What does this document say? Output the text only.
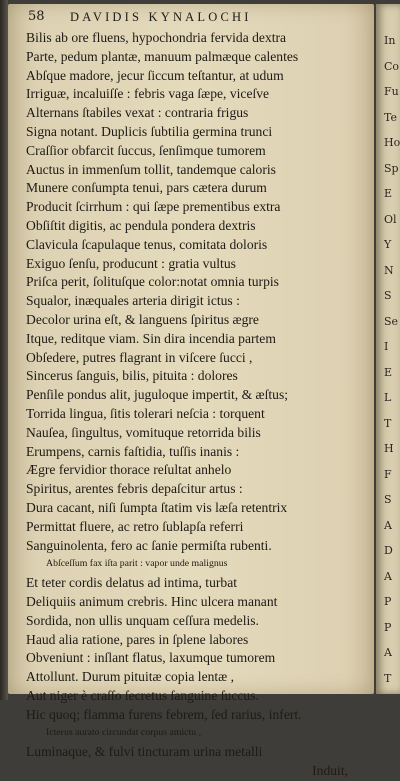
58 DAVIDIS KYNALOCHI
Bilis ab ore fluens, hypochondria fervida dextra
Parte, pedum plantæ, manuum palmæque calentes
Abſque madore, jecur ſiccum teſtantur, at udum
Irriguæ, incaluiſſe : febris vaga ſæpe, viceſve
Alternans ſtabiles vexat : contraria frigus
Signa notant. Duplicis ſubtilia germina trunci
Craſſior obfarcit ſuccus, ſenſimque tumorem
Auctus in immenſum tollit, tandemque caloris
Munere conſumpta tenui, pars cætera durum
Producit ſcirrhum : qui ſæpe prementibus extra
Obſiſtit digitis, ac pendula pondera dextris
Clavicula ſcapulaque tenus, comitata doloris
Exiguo ſenſu, producunt : gratia vultus
Priſca perit, ſolituſque color:notat omnia turpis
Squalor, inæquales arteria dirigit ictus :
Decolor urina eſt, & languens ſpiritus ægre
Itque, reditque viam. Sin dira incendia partem
Obſedere, putres flagrant in viſcere ſucci ,
Sincerus ſanguis, bilis, pituita : dolores
Penſile pondus alit, juguloque impertit, & æſtus;
Torrida lingua, ſitis tolerari neſcia : torquent
Nauſea, ſingultus, vomituque retorrida bilis
Erumpens, carnis faſtidia, tuſſis inanis :
Ægre fervidior thorace reſultat anhelo
Spiritus, arentes febris depaſcitur artus :
Dura cacant, niſi ſumpta ſtatim vis læſa retentrix
Permittat fluere, ac retro ſublapſa referri
Sanguinolenta, fero ac ſanie permiſta rubenti.
Abſceſſum fax iſta parit : vapor unde malignus
Et teter cordis delatus ad intima, turbat
Deliquiis animum crebris. Hinc ulcera manant
Sordida, non ullis unquam ceſſura medelis.
Haud alia ratione, pares in ſplene labores
Obveniunt : inſlant flatus, laxumque tumorem
Attollunt. Durum pituitæ copia lentæ ,
Aut niger è craſſo ſecretus ſanguine ſuccus.
Hic quoq; flamma furens febrem, ſed rarius, infert.
Icterus aurato circundat corpus amictu ,
Luminaque, & fulvi tincturam urina metalli
Induit,
In
Co
Fu
Te
Ho
Sp
E
Ol
Y
N
S
Se
I
E
L
T
H
F
S
A
D
A
P
P
A
T
